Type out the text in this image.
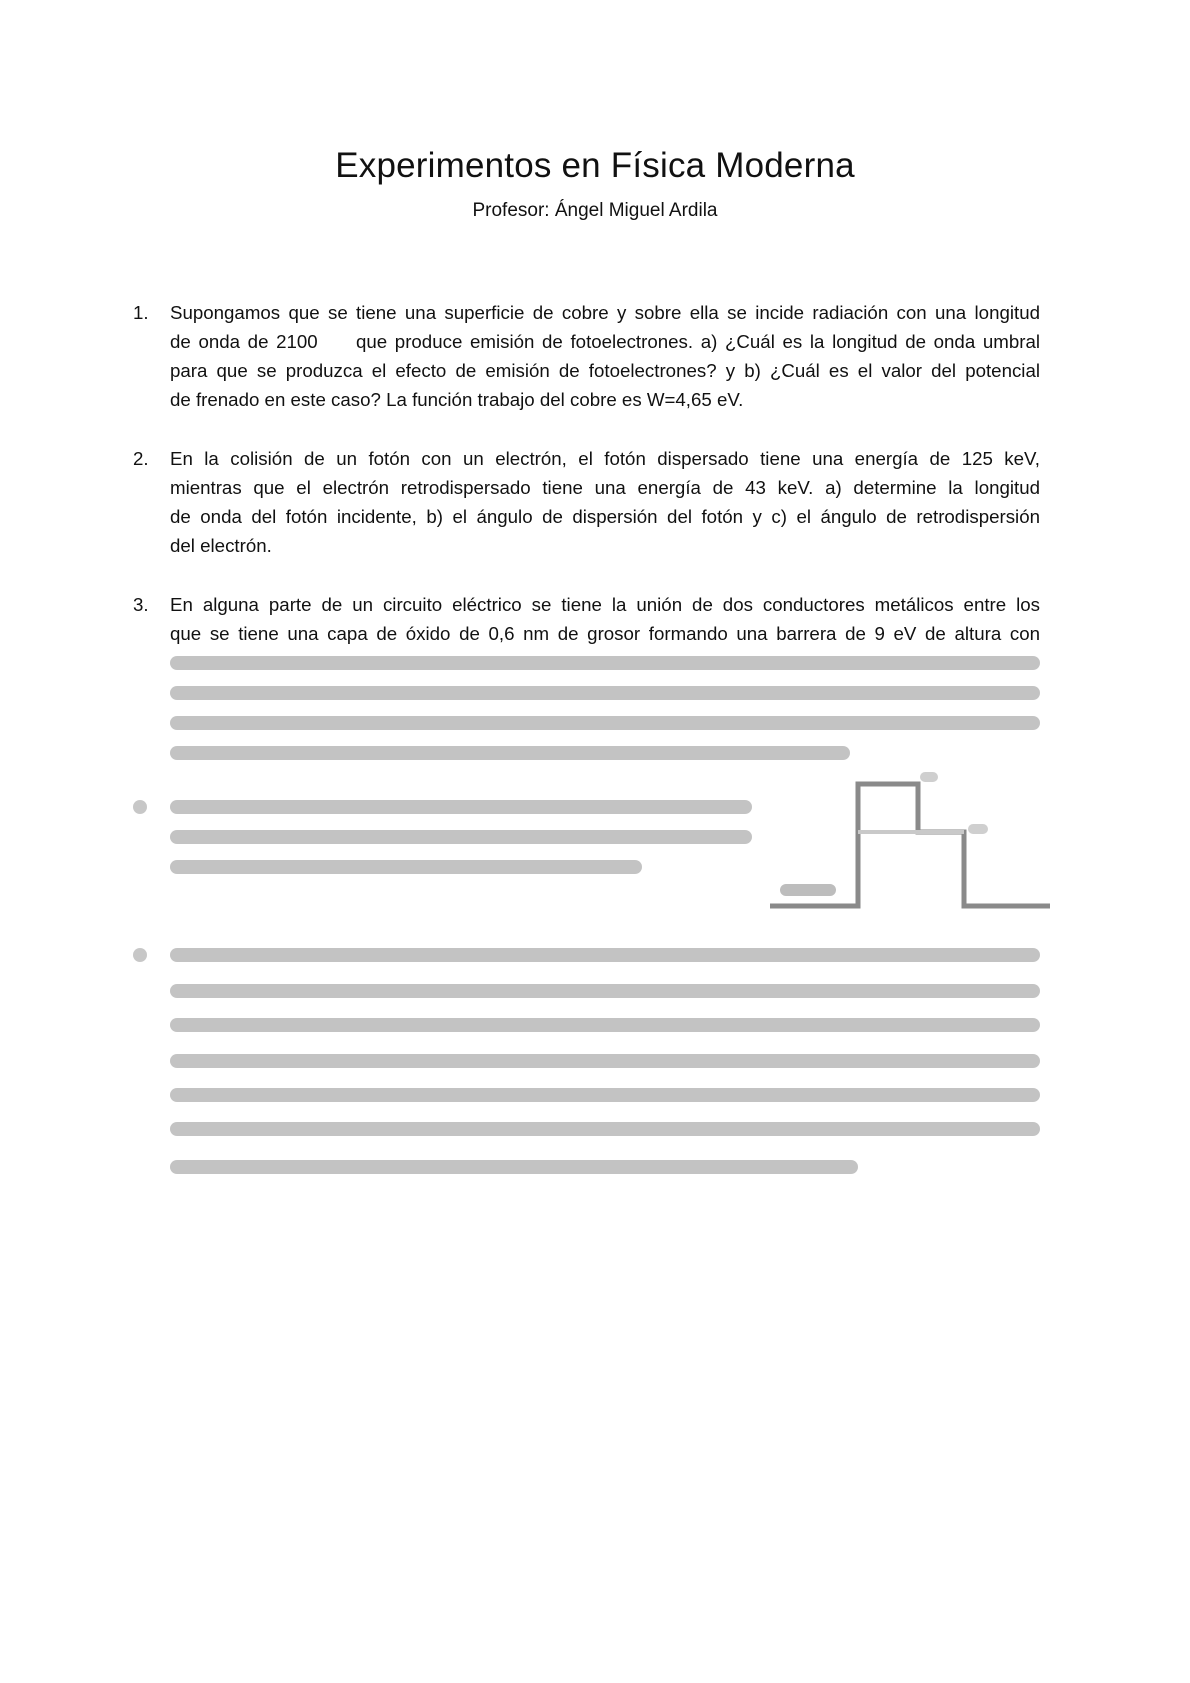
Experimentos en Física Moderna
Profesor: Ángel Miguel Ardila
1.	Supongamos que se tiene una superficie de cobre y sobre ella se incide radiación con una longitud
de onda de 2100     que produce emisión de fotoelectrones. a) ¿Cuál es la longitud de onda umbral
para que se produzca el efecto de emisión de fotoelectrones? y b) ¿Cuál es el valor del potencial
de frenado en este caso? La función trabajo del cobre es W=4,65 eV.
2.	En la colisión de un fotón con un electrón, el fotón dispersado tiene una energía de 125 keV,
mientras que el electrón retrodispersado tiene una energía de 43 keV. a) determine la longitud
de onda del fotón incidente, b) el ángulo de dispersión del fotón y c) el ángulo de retrodispersión
del electrón.
3.	En alguna parte de un circuito eléctrico se tiene la unión de dos conductores metálicos entre los
que se tiene una capa de óxido de 0,6 nm de grosor formando una barrera de 9 eV de altura con
